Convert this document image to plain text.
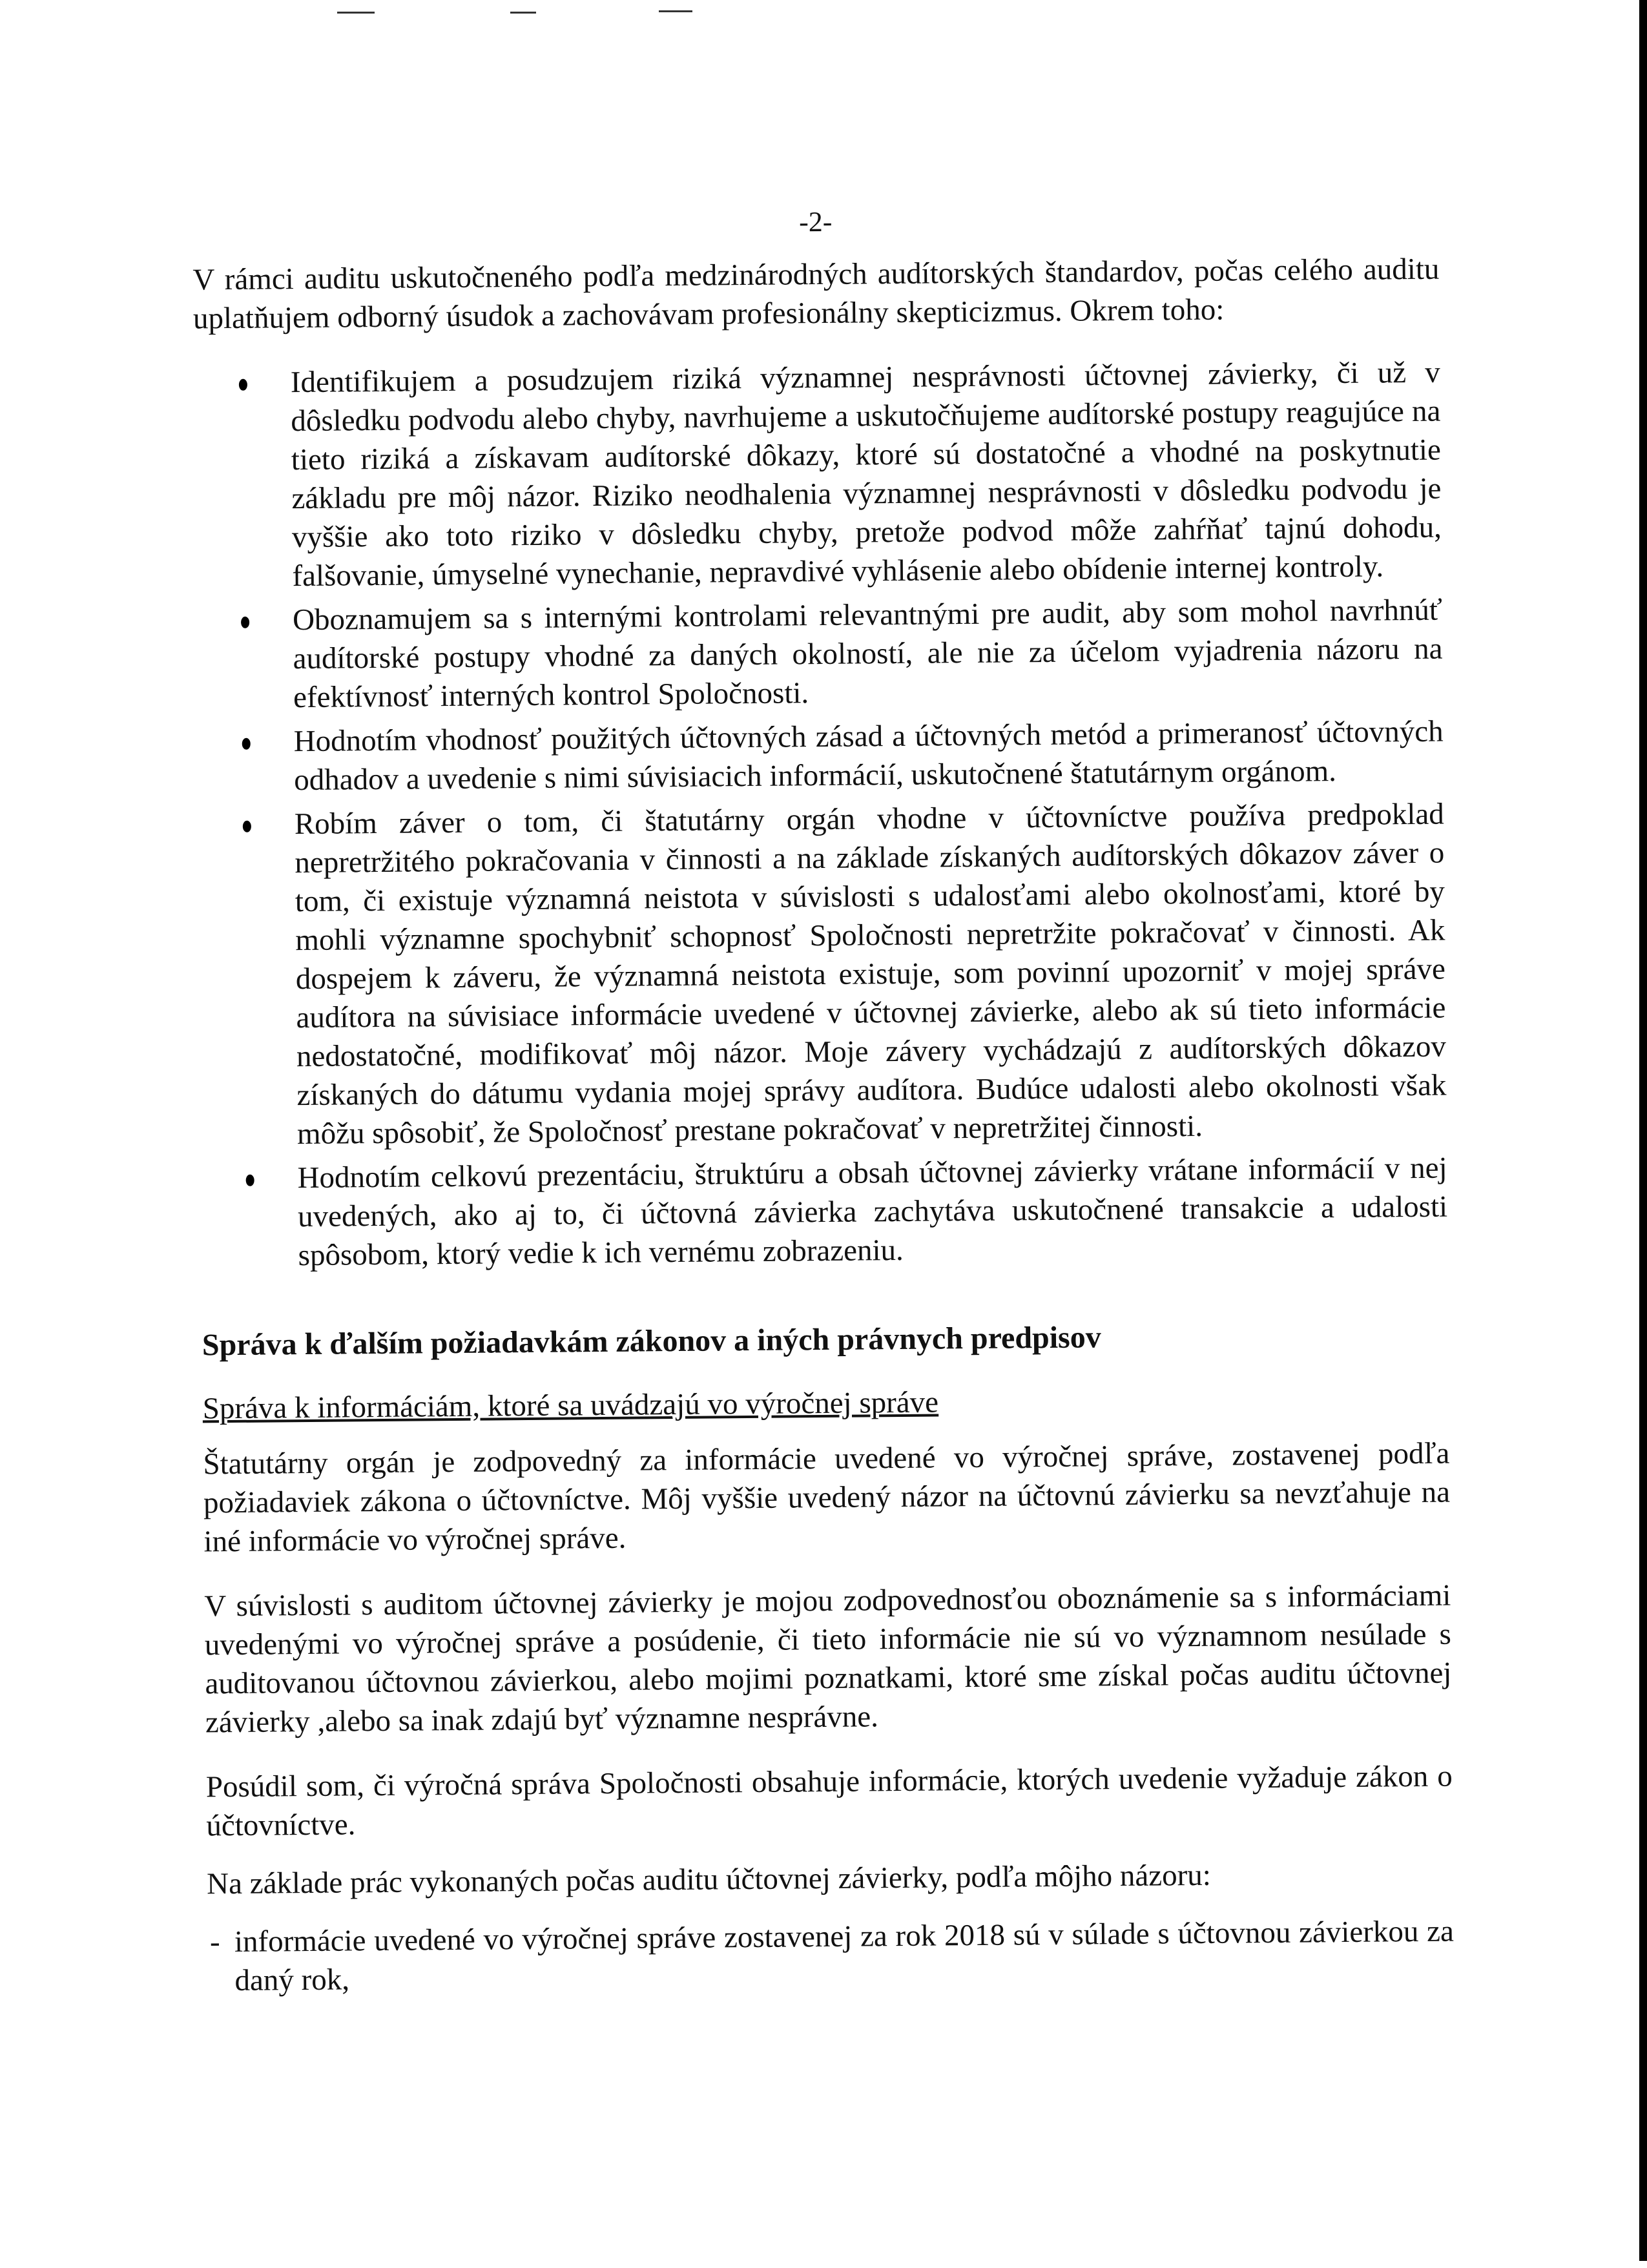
-2-

V rámci auditu uskutočneného podľa medzinárodných audítorských štandardov, počas celého auditu uplatňujem odborný úsudok a zachovávam profesionálny skepticizmus. Okrem toho:

Identifikujem a posudzujem riziká významnej nesprávnosti účtovnej závierky, či už v dôsledku podvodu alebo chyby, navrhujeme a uskutočňujeme audítorské postupy reagujúce na tieto riziká a získavam audítorské dôkazy, ktoré sú dostatočné a vhodné na poskytnutie základu pre môj názor. Riziko neodhalenia významnej nesprávnosti v dôsledku podvodu je vyššie ako toto riziko v dôsledku chyby, pretože podvod môže zahŕňať tajnú dohodu, falšovanie, úmyselné vynechanie, nepravdivé vyhlásenie alebo obídenie internej kontroly.
Oboznamujem sa s internými kontrolami relevantnými pre audit, aby som mohol navrhnúť audítorské postupy vhodné za daných okolností, ale nie za účelom vyjadrenia názoru na efektívnosť interných kontrol Spoločnosti.
Hodnotím vhodnosť použitých účtovných zásad a účtovných metód a primeranosť účtovných odhadov a uvedenie s nimi súvisiacich informácií, uskutočnené štatutárnym orgánom.
Robím záver o tom, či štatutárny orgán vhodne v účtovníctve používa predpoklad nepretržitého pokračovania v činnosti a na základe získaných audítorských dôkazov záver o tom, či existuje významná neistota v súvislosti s udalosťami alebo okolnosťami, ktoré by mohli významne spochybniť schopnosť Spoločnosti nepretržite pokračovať v činnosti. Ak dospejem k záveru, že významná neistota existuje, som povinní upozorniť v mojej správe audítora na súvisiace informácie uvedené v účtovnej závierke, alebo ak sú tieto informácie nedostatočné, modifikovať môj názor. Moje závery vychádzajú z audítorských dôkazov získaných do dátumu vydania mojej správy audítora. Budúce udalosti alebo okolnosti však môžu spôsobiť, že Spoločnosť prestane pokračovať v nepretržitej činnosti.
Hodnotím celkovú prezentáciu, štruktúru a obsah účtovnej závierky vrátane informácií v nej uvedených, ako aj to, či účtovná závierka zachytáva uskutočnené transakcie a udalosti spôsobom, ktorý vedie k ich vernému zobrazeniu.
Správa k ďalším požiadavkám zákonov a iných právnych predpisov
Správa k informáciám, ktoré sa uvádzajú vo výročnej správe

Štatutárny orgán je zodpovedný za informácie uvedené vo výročnej správe, zostavenej podľa požiadaviek zákona o účtovníctve. Môj vyššie uvedený názor na účtovnú závierku sa nevzťahuje na iné informácie vo výročnej správe.

V súvislosti s auditom účtovnej závierky je mojou zodpovednosťou oboznámenie sa s informáciami uvedenými vo výročnej správe a posúdenie, či tieto informácie nie sú vo významnom nesúlade s auditovanou účtovnou závierkou, alebo mojimi poznatkami, ktoré sme získal počas auditu účtovnej závierky ,alebo sa inak zdajú byť významne nesprávne.

Posúdil som, či výročná správa Spoločnosti obsahuje informácie, ktorých uvedenie vyžaduje zákon o účtovníctve.

Na základe prác vykonaných počas auditu účtovnej závierky, podľa môjho názoru:

- informácie uvedené vo výročnej správe zostavenej za rok 2018 sú v súlade s účtovnou závierkou za daný rok,
